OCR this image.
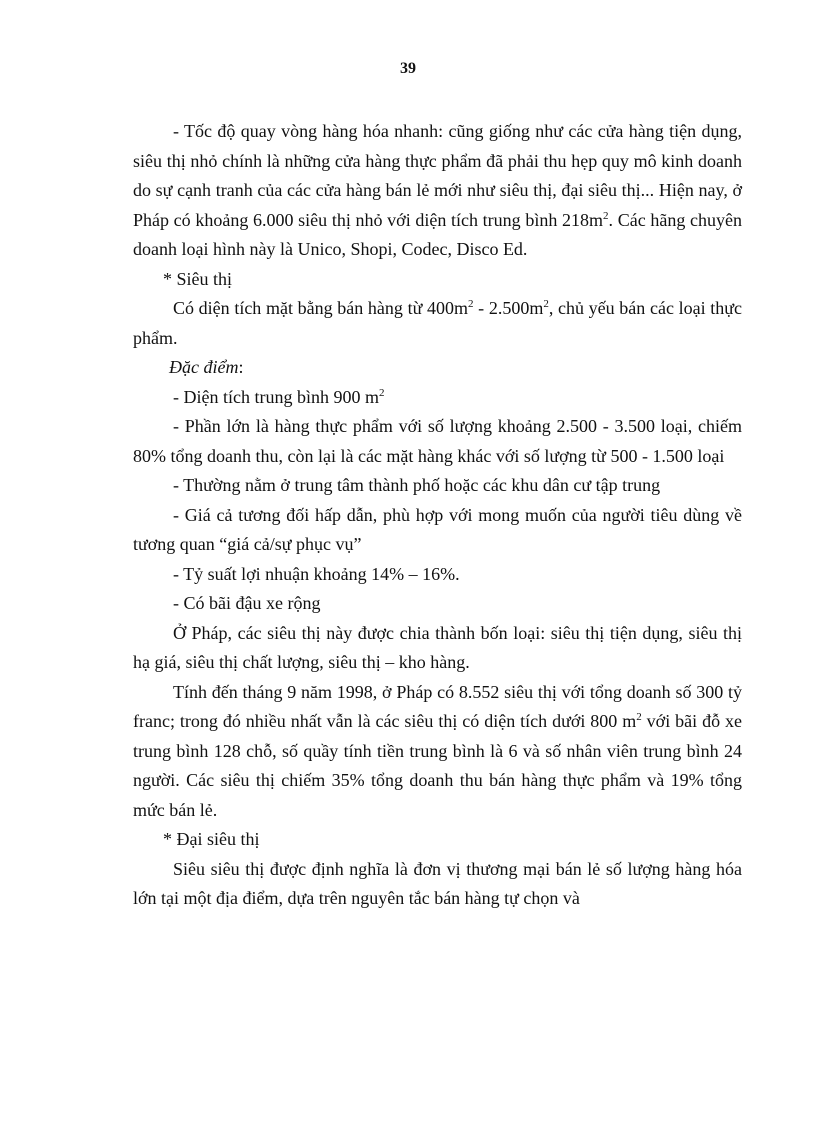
39

- Tốc độ quay vòng hàng hóa nhanh: cũng giống như các cửa hàng tiện dụng, siêu thị nhỏ chính là những cửa hàng thực phẩm đã phải thu hẹp quy mô kinh doanh do sự cạnh tranh của các cửa hàng bán lẻ mới như siêu thị, đại siêu thị... Hiện nay, ở Pháp có khoảng 6.000 siêu thị nhỏ với diện tích trung bình $218m^2$. Các hãng chuyên doanh loại hình này là Unico, Shopi, Codec, Disco Ed.

* Siêu thị

Có diện tích mặt bằng bán hàng từ $400m^2 - 2.500m^2$, chủ yếu bán các loại thực phẩm.

Đặc điểm:

- Diện tích trung bình 900 $m^2$

- Phần lớn là hàng thực phẩm với số lượng khoảng 2.500 - 3.500 loại, chiếm 80% tổng doanh thu, còn lại là các mặt hàng khác với số lượng từ 500 - 1.500 loại

- Thường nằm ở trung tâm thành phố hoặc các khu dân cư tập trung

- Giá cả tương đối hấp dẫn, phù hợp với mong muốn của người tiêu dùng về tương quan “giá cả/sự phục vụ”

- Tỷ suất lợi nhuận khoảng 14% – 16%.

- Có bãi đậu xe rộng

Ở Pháp, các siêu thị này được chia thành bốn loại: siêu thị tiện dụng, siêu thị hạ giá, siêu thị chất lượng, siêu thị – kho hàng.

Tính đến tháng 9 năm 1998, ở Pháp có 8.552 siêu thị với tổng doanh số 300 tỷ franc; trong đó nhiều nhất vẫn là các siêu thị có diện tích dưới 800 $m^2$ với bãi đỗ xe trung bình 128 chỗ, số quầy tính tiền trung bình là 6 và số nhân viên trung bình 24 người. Các siêu thị chiếm 35% tổng doanh thu bán hàng thực phẩm và 19% tổng mức bán lẻ.

* Đại siêu thị

Siêu siêu thị được định nghĩa là đơn vị thương mại bán lẻ số lượng hàng hóa lớn tại một địa điểm, dựa trên nguyên tắc bán hàng tự chọn và
